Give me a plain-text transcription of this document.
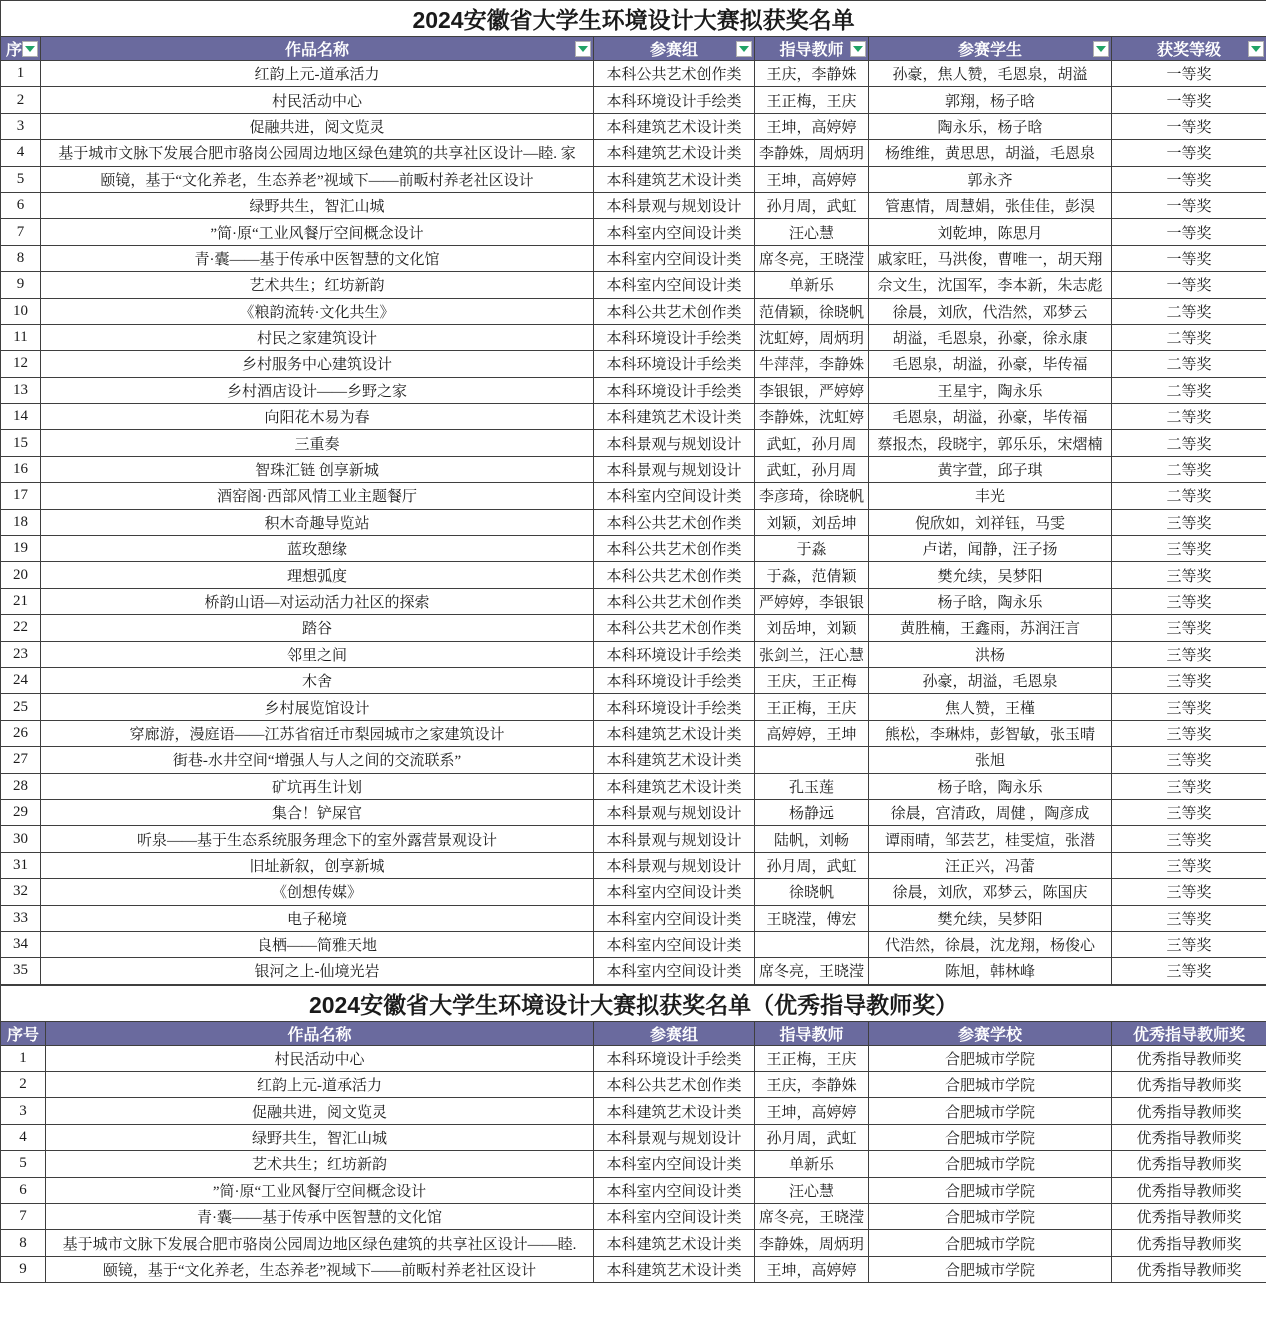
2024安徽省大学生环境设计大赛拟获奖名单					
序	作品名称	参赛组	指导教师	参赛学生	获奖等级

1	红韵上元-道承活力	本科公共艺术创作类	王庆，李静姝	孙豪，焦人赞，毛恩泉，胡溢	一等奖
2	村民活动中心	本科环境设计手绘类	王正梅，王庆	郭翔，杨子晗	一等奖
3	促融共进，阅文览灵	本科建筑艺术设计类	王坤，高婷婷	陶永乐，杨子晗	一等奖
4	基于城市文脉下发展合肥市骆岗公园周边地区绿色建筑的共享社区设计—睦. 家	本科建筑艺术设计类	李静姝，周炳玥	杨维维，黄思思，胡溢，毛恩泉	一等奖
5	颐镜，基于“文化养老，生态养老”视域下——前畈村养老社区设计	本科建筑艺术设计类	王坤，高婷婷	郭永齐	一等奖
6	绿野共生，智汇山城	本科景观与规划设计	孙月周，武虹	管惠情，周慧娟，张佳佳，彭淏	一等奖
7	”简·原“工业风餐厅空间概念设计	本科室内空间设计类	汪心慧	刘乾坤，陈思月	一等奖
8	青·囊——基于传承中医智慧的文化馆	本科室内空间设计类	席冬亮，王晓滢	戚家旺，马洪俊，曹唯一，胡天翔	一等奖
9	艺术共生；红坊新韵	本科室内空间设计类	单新乐	佘文生，沈国军，李本新，朱志彪	一等奖
10	《粮韵流转·文化共生》	本科公共艺术创作类	范倩颖，徐晓帆	徐晨，刘欣，代浩然，邓梦云	二等奖
11	村民之家建筑设计	本科环境设计手绘类	沈虹婷，周炳玥	胡溢，毛恩泉，孙豪，徐永康	二等奖
12	乡村服务中心建筑设计	本科环境设计手绘类	牛萍萍，李静姝	毛恩泉，胡溢，孙豪，毕传福	二等奖
13	乡村酒店设计——乡野之家	本科环境设计手绘类	李银银，严婷婷	王星宇，陶永乐	二等奖
14	向阳花木易为春	本科建筑艺术设计类	李静姝，沈虹婷	毛恩泉，胡溢，孙豪，毕传福	二等奖
15	三重奏	本科景观与规划设计	武虹，孙月周	蔡报杰，段晓宇，郭乐乐，宋熠楠	二等奖
16	智珠汇链 创享新城	本科景观与规划设计	武虹，孙月周	黄字萱，邱子琪	二等奖
17	酒窑阁·西部风情工业主题餐厅	本科室内空间设计类	李彦琦，徐晓帆	丰光	二等奖
18	积木奇趣导览站	本科公共艺术创作类	刘颖，刘岳坤	倪欣如，刘祥钰，马雯	三等奖
19	蓝玫憩缘	本科公共艺术创作类	于淼	卢诺，闻静，汪子扬	三等奖
20	理想弧度	本科公共艺术创作类	于淼，范倩颖	樊允续，吴梦阳	三等奖
21	桥韵山语—对运动活力社区的探索	本科公共艺术创作类	严婷婷，李银银	杨子晗，陶永乐	三等奖
22	踏谷	本科公共艺术创作类	刘岳坤，刘颖	黄胜楠，王鑫雨，苏润汪言	三等奖
23	邻里之间	本科环境设计手绘类	张剑兰，汪心慧	洪杨	三等奖
24	木舍	本科环境设计手绘类	王庆，王正梅	孙豪，胡溢，毛恩泉	三等奖
25	乡村展览馆设计	本科环境设计手绘类	王正梅，王庆	焦人赞，王槿	三等奖
26	穿廊游，漫庭语——江苏省宿迁市梨园城市之家建筑设计	本科建筑艺术设计类	高婷婷，王坤	熊松，李琳炜，彭智敏，张玉晴	三等奖
27	街巷-水井空间“增强人与人之间的交流联系”	本科建筑艺术设计类		张旭	三等奖
28	矿坑再生计划	本科建筑艺术设计类	孔玉莲	杨子晗，陶永乐	三等奖
29	集合！铲屎官	本科景观与规划设计	杨静远	徐晨，宫清政，周健 ，陶彦成	三等奖
30	听泉——基于生态系统服务理念下的室外露营景观设计	本科景观与规划设计	陆帆，刘畅	谭雨晴，邹芸艺，桂雯煊，张潜	三等奖
31	旧址新叙，创享新城	本科景观与规划设计	孙月周，武虹	汪正兴，冯蕾	三等奖
32	《创想传媒》	本科室内空间设计类	徐晓帆	徐晨，刘欣，邓梦云，陈国庆	三等奖
33	电子秘境	本科室内空间设计类	王晓滢，傅宏	樊允续，吴梦阳	三等奖
34	良栖——简雅天地	本科室内空间设计类		代浩然，徐晨，沈龙翔，杨俊心	三等奖
35	银河之上-仙境光岩	本科室内空间设计类	席冬亮，王晓滢	陈旭，韩林峰	三等奖
2024安徽省大学生环境设计大赛拟获奖名单（优秀指导教师奖）					
序号	作品名称	参赛组	指导教师	参赛学校	优秀指导教师奖
1	村民活动中心	本科环境设计手绘类	王正梅，王庆	合肥城市学院	优秀指导教师奖
2	红韵上元-道承活力	本科公共艺术创作类	王庆，李静姝	合肥城市学院	优秀指导教师奖
3	促融共进，阅文览灵	本科建筑艺术设计类	王坤，高婷婷	合肥城市学院	优秀指导教师奖
4	绿野共生，智汇山城	本科景观与规划设计	孙月周，武虹	合肥城市学院	优秀指导教师奖
5	艺术共生；红坊新韵	本科室内空间设计类	单新乐	合肥城市学院	优秀指导教师奖
6	”简·原“工业风餐厅空间概念设计	本科室内空间设计类	汪心慧	合肥城市学院	优秀指导教师奖
7	青·囊——基于传承中医智慧的文化馆	本科室内空间设计类	席冬亮，王晓滢	合肥城市学院	优秀指导教师奖
8	基于城市文脉下发展合肥市骆岗公园周边地区绿色建筑的共享社区设计——睦.	本科建筑艺术设计类	李静姝，周炳玥	合肥城市学院	优秀指导教师奖
9	颐镜，基于“文化养老，生态养老”视域下——前畈村养老社区设计	本科建筑艺术设计类	王坤，高婷婷	合肥城市学院	优秀指导教师奖
